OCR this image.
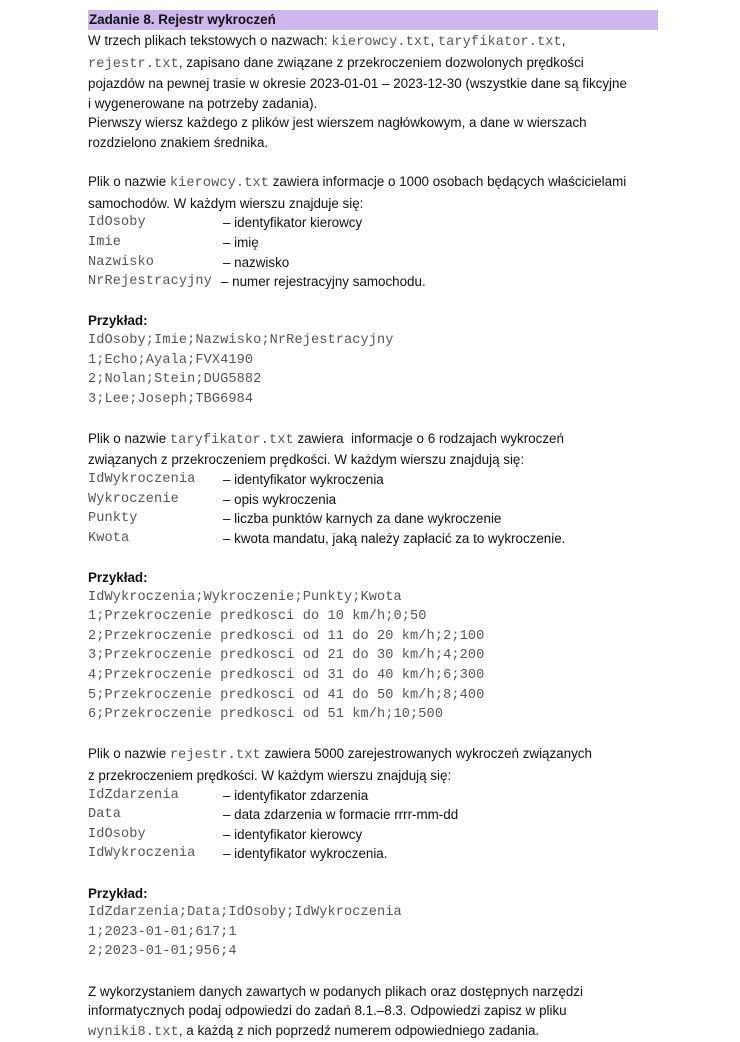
Zadanie 8. Rejestr wykroczeń

W trzech plikach tekstowych o nazwach: kierowcy.txt, taryfikator.txt,

rejestr.txt, zapisano dane związane z przekroczeniem dozwolonych prędkości

pojazdów na pewnej trasie w okresie 2023-01-01 – 2023-12-30 (wszystkie dane są fikcyjne

i wygenerowane na potrzeby zadania).

Pierwszy wiersz każdego z plików jest wierszem nagłówkowym, a dane w wierszach

rozdzielono znakiem średnika.

Plik o nazwie kierowcy.txt zawiera informacje o 1000 osobach będących właścicielami

samochodów. W każdym wierszu znajduje się:

IdOsoby	– identyfikator kierowcy
Imie	– imię
Nazwisko	– nazwisko
NrRejestracyjny – numer rejestracyjny samochodu.
Przykład:
IdOsoby;Imie;Nazwisko;NrRejestracyjny
1;Echo;Ayala;FVX4190
2;Nolan;Stein;DUG5882
3;Lee;Joseph;TBG6984

Plik o nazwie taryfikator.txt zawiera  informacje o 6 rodzajach wykroczeń

związanych z przekroczeniem prędkości. W każdym wierszu znajdują się:

IdWykroczenia	– identyfikator wykroczenia
Wykroczenie	– opis wykroczenia
Punkty	– liczba punktów karnych za dane wykroczenie
Kwota	– kwota mandatu, jaką należy zapłacić za to wykroczenie.
Przykład:
IdWykroczenia;Wykroczenie;Punkty;Kwota
1;Przekroczenie predkosci do 10 km/h;0;50
2;Przekroczenie predkosci od 11 do 20 km/h;2;100
3;Przekroczenie predkosci od 21 do 30 km/h;4;200
4;Przekroczenie predkosci od 31 do 40 km/h;6;300
5;Przekroczenie predkosci od 41 do 50 km/h;8;400
6;Przekroczenie predkosci od 51 km/h;10;500

Plik o nazwie rejestr.txt zawiera 5000 zarejestrowanych wykroczeń związanych

z przekroczeniem prędkości. W każdym wierszu znajdują się:

IdZdarzenia	– identyfikator zdarzenia
Data	– data zdarzenia w formacie rrrr-mm-dd
IdOsoby	– identyfikator kierowcy
IdWykroczenia	– identyfikator wykroczenia.
Przykład:
IdZdarzenia;Data;IdOsoby;IdWykroczenia
1;2023-01-01;617;1
2;2023-01-01;956;4

Z wykorzystaniem danych zawartych w podanych plikach oraz dostępnych narzędzi

informatycznych podaj odpowiedzi do zadań 8.1.–8.3. Odpowiedzi zapisz w pliku

wyniki8.txt, a każdą z nich poprzedź numerem odpowiedniego zadania.
